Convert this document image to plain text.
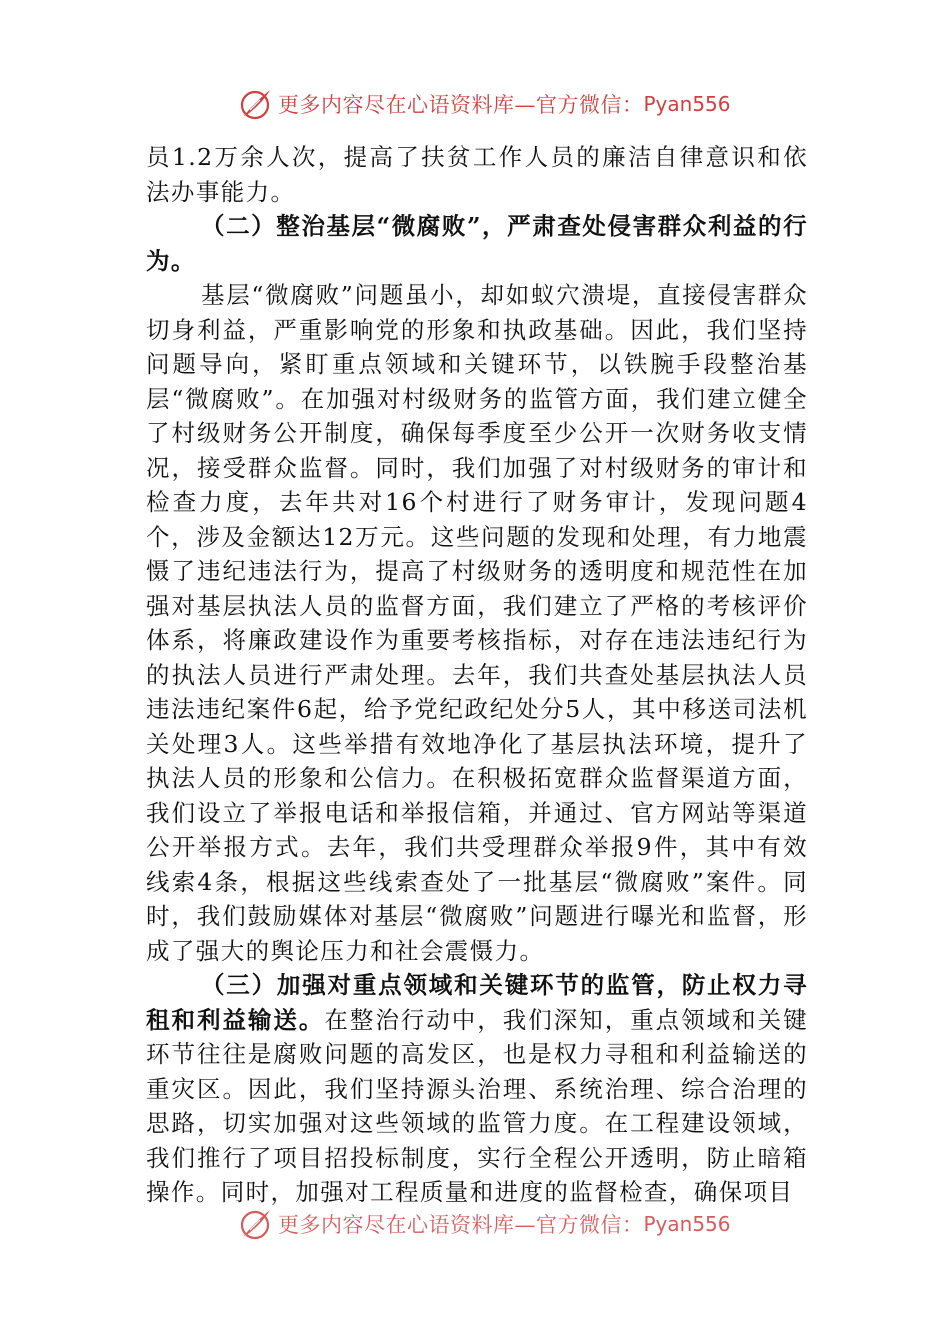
更多内容尽在心语资料库—官方微信： Pyan556

员1.2万余人次，提高了扶贫工作人员的廉洁自律意识和依法办事能力。

（二）整治基层“微腐败”，严肃查处侵害群众利益的行为。

基层“微腐败”问题虽小，却如蚁穴溃堤，直接侵害群众切身利益，严重影响党的形象和执政基础。因此，我们坚持问题导向，紧盯重点领域和关键环节，以铁腕手段整治基层“微腐败”。在加强对村级财务的监管方面，我们建立健全了村级财务公开制度，确保每季度至少公开一次财务收支情况，接受群众监督。同时，我们加强了对村级财务的审计和检查力度，去年共对16个村进行了财务审计，发现问题4个，涉及金额达12万元。这些问题的发现和处理，有力地震慑了违纪违法行为，提高了村级财务的透明度和规范性在加强对基层执法人员的监督方面，我们建立了严格的考核评价体系，将廉政建设作为重要考核指标，对存在违法违纪行为的执法人员进行严肃处理。去年，我们共查处基层执法人员违法违纪案件6起，给予党纪政纪处分5人，其中移送司法机关处理3人。这些举措有效地净化了基层执法环境，提升了执法人员的形象和公信力。在积极拓宽群众监督渠道方面，我们设立了举报电话和举报信箱，并通过、官方网站等渠道公开举报方式。去年，我们共受理群众举报9件，其中有效线索4条，根据这些线索查处了一批基层“微腐败”案件。同时，我们鼓励媒体对基层“微腐败”问题进行曝光和监督，形成了强大的舆论压力和社会震慑力。

（三）加强对重点领域和关键环节的监管，防止权力寻租和利益输送。在整治行动中，我们深知，重点领域和关键环节往往是腐败问题的高发区，也是权力寻租和利益输送的重灾区。因此，我们坚持源头治理、系统治理、综合治理的思路，切实加强对这些领域的监管力度。在工程建设领域，我们推行了项目招投标制度，实行全程公开透明，防止暗箱操作。同时，加强对工程质量和进度的监督检查，确保项目

更多内容尽在心语资料库—官方微信： Pyan556
